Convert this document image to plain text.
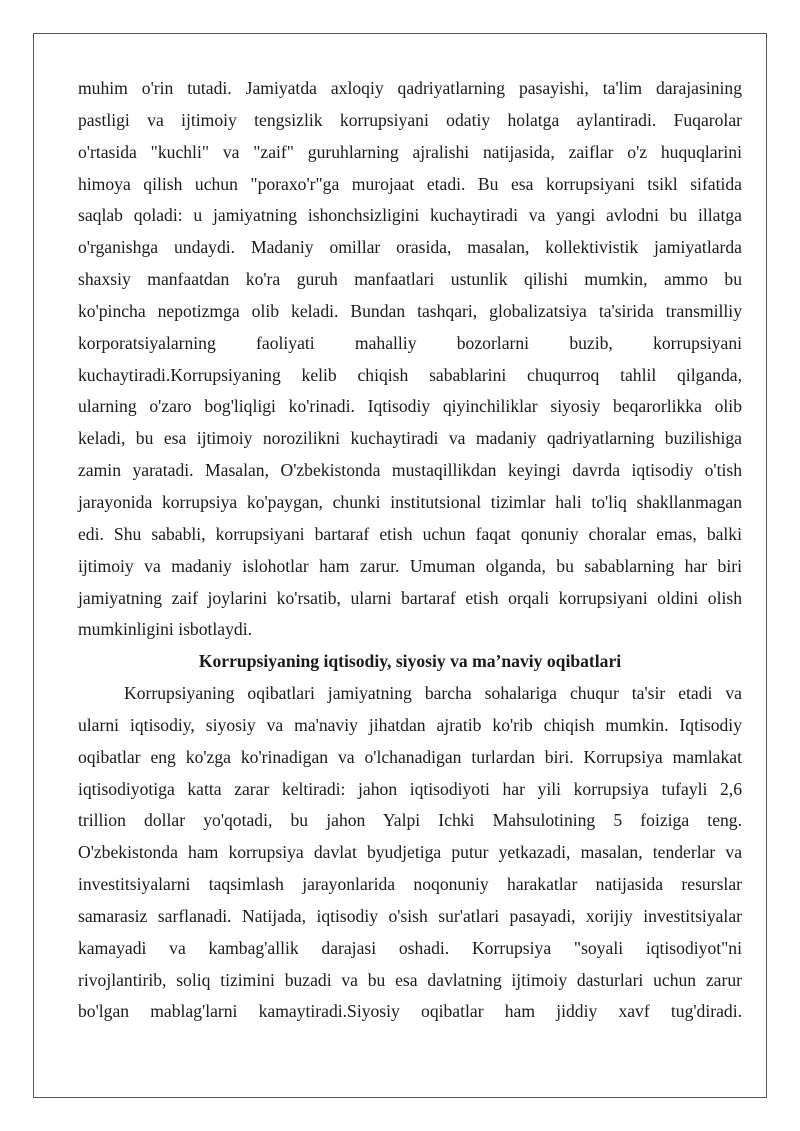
muhim o'rin tutadi. Jamiyatda axloqiy qadriyatlarning pasayishi, ta'lim darajasining
pastligi va ijtimoiy tengsizlik korrupsiyani odatiy holatga aylantiradi. Fuqarolar
o'rtasida "kuchli" va "zaif" guruhlarning ajralishi natijasida, zaiflar o'z huquqlarini
himoya qilish uchun "poraxo'r"ga murojaat etadi. Bu esa korrupsiyani tsikl sifatida
saqlab qoladi: u jamiyatning ishonchsizligini kuchaytiradi va yangi avlodni bu illatga
o'rganishga undaydi. Madaniy omillar orasida, masalan, kollektivistik jamiyatlarda
shaxsiy manfaatdan ko'ra guruh manfaatlari ustunlik qilishi mumkin, ammo bu
ko'pincha nepotizmga olib keladi. Bundan tashqari, globalizatsiya ta'sirida transmilliy
korporatsiyalarning faoliyati mahalliy bozorlarni buzib, korrupsiyani
kuchaytiradi.Korrupsiyaning kelib chiqish sabablarini chuqurroq tahlil qilganda,
ularning o'zaro bog'liqligi ko'rinadi. Iqtisodiy qiyinchiliklar siyosiy beqarorlikka olib
keladi, bu esa ijtimoiy norozilikni kuchaytiradi va madaniy qadriyatlarning buzilishiga
zamin yaratadi. Masalan, O'zbekistonda mustaqillikdan keyingi davrda iqtisodiy o'tish
jarayonida korrupsiya ko'paygan, chunki institutsional tizimlar hali to'liq shakllanmagan
edi. Shu sababli, korrupsiyani bartaraf etish uchun faqat qonuniy choralar emas, balki
ijtimoiy va madaniy islohotlar ham zarur. Umuman olganda, bu sabablarning har biri
jamiyatning zaif joylarini ko'rsatib, ularni bartaraf etish orqali korrupsiyani oldini olish
mumkinligini isbotlaydi.
Korrupsiyaning iqtisodiy, siyosiy va ma’naviy oqibatlari
Korrupsiyaning oqibatlari jamiyatning barcha sohalariga chuqur ta'sir etadi va
ularni iqtisodiy, siyosiy va ma'naviy jihatdan ajratib ko'rib chiqish mumkin. Iqtisodiy
oqibatlar eng ko'zga ko'rinadigan va o'lchanadigan turlardan biri. Korrupsiya mamlakat
iqtisodiyotiga katta zarar keltiradi: jahon iqtisodiyoti har yili korrupsiya tufayli 2,6
trillion dollar yo'qotadi, bu jahon Yalpi Ichki Mahsulotining 5 foiziga teng.
O'zbekistonda ham korrupsiya davlat byudjetiga putur yetkazadi, masalan, tenderlar va
investitsiyalarni taqsimlash jarayonlarida noqonuniy harakatlar natijasida resurslar
samarasiz sarflanadi. Natijada, iqtisodiy o'sish sur'atlari pasayadi, xorijiy investitsiyalar
kamayadi va kambag'allik darajasi oshadi. Korrupsiya "soyali iqtisodiyot"ni
rivojlantirib, soliq tizimini buzadi va bu esa davlatning ijtimoiy dasturlari uchun zarur
bo'lgan mablag'larni kamaytiradi.Siyosiy oqibatlar ham jiddiy xavf tug'diradi.
